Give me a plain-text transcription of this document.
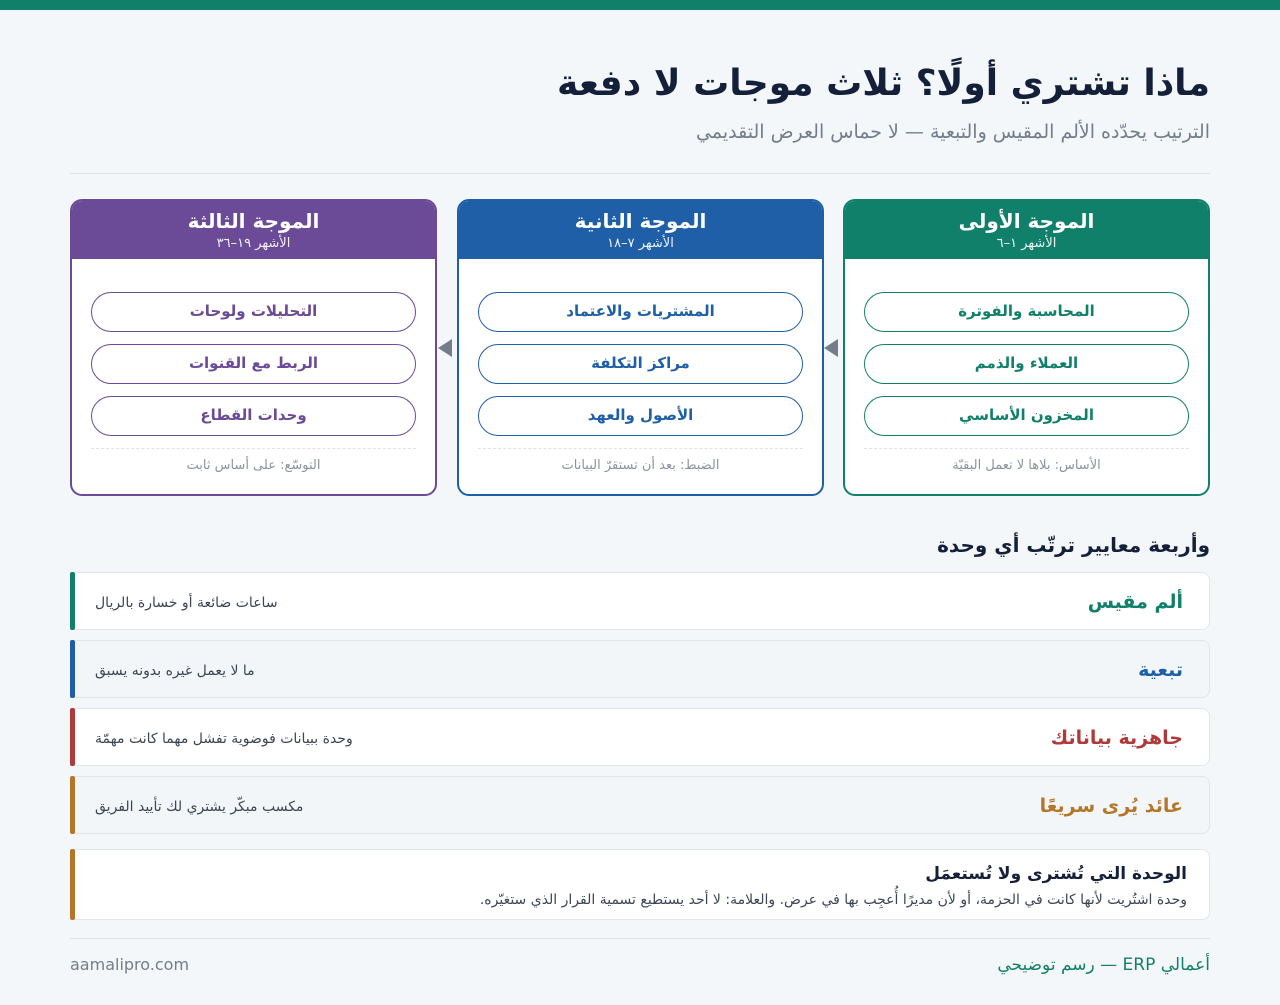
ماذا تشتري أولًا؟ ثلاث موجات لا دفعة
الترتيب يحدّده الألم المقيس والتبعية — لا حماس العرض التقديمي
الموجة الأولى
الأشهر ١–٦
المحاسبة والفوترة
العملاء والذمم
المخزون الأساسي
الأساس: بلاها لا تعمل البقيّة
الموجة الثانية
الأشهر ٧–١٨
المشتريات والاعتماد
مراكز التكلفة
الأصول والعهد
الضبط: بعد أن تستقرّ البيانات
الموجة الثالثة
الأشهر ١٩–٣٦
التحليلات ولوحات
الربط مع القنوات
وحدات القطاع
التوسّع: على أساس ثابت
وأربعة معايير ترتّب أي وحدة
ألم مقيس
ساعات ضائعة أو خسارة بالريال
تبعية
ما لا يعمل غيره بدونه يسبق
جاهزية بياناتك
وحدة ببيانات فوضوية تفشل مهما كانت مهمّة
عائد يُرى سريعًا
مكسب مبكّر يشتري لك تأييد الفريق
الوحدة التي تُشترى ولا تُستعمَل
وحدة اشتُريت لأنها كانت في الحزمة، أو لأن مديرًا أُعجِب بها في عرض. والعلامة: لا أحد يستطيع تسمية القرار الذي ستغيّره.
aamalipro.com	أعمالي ERP — رسم توضيحي
